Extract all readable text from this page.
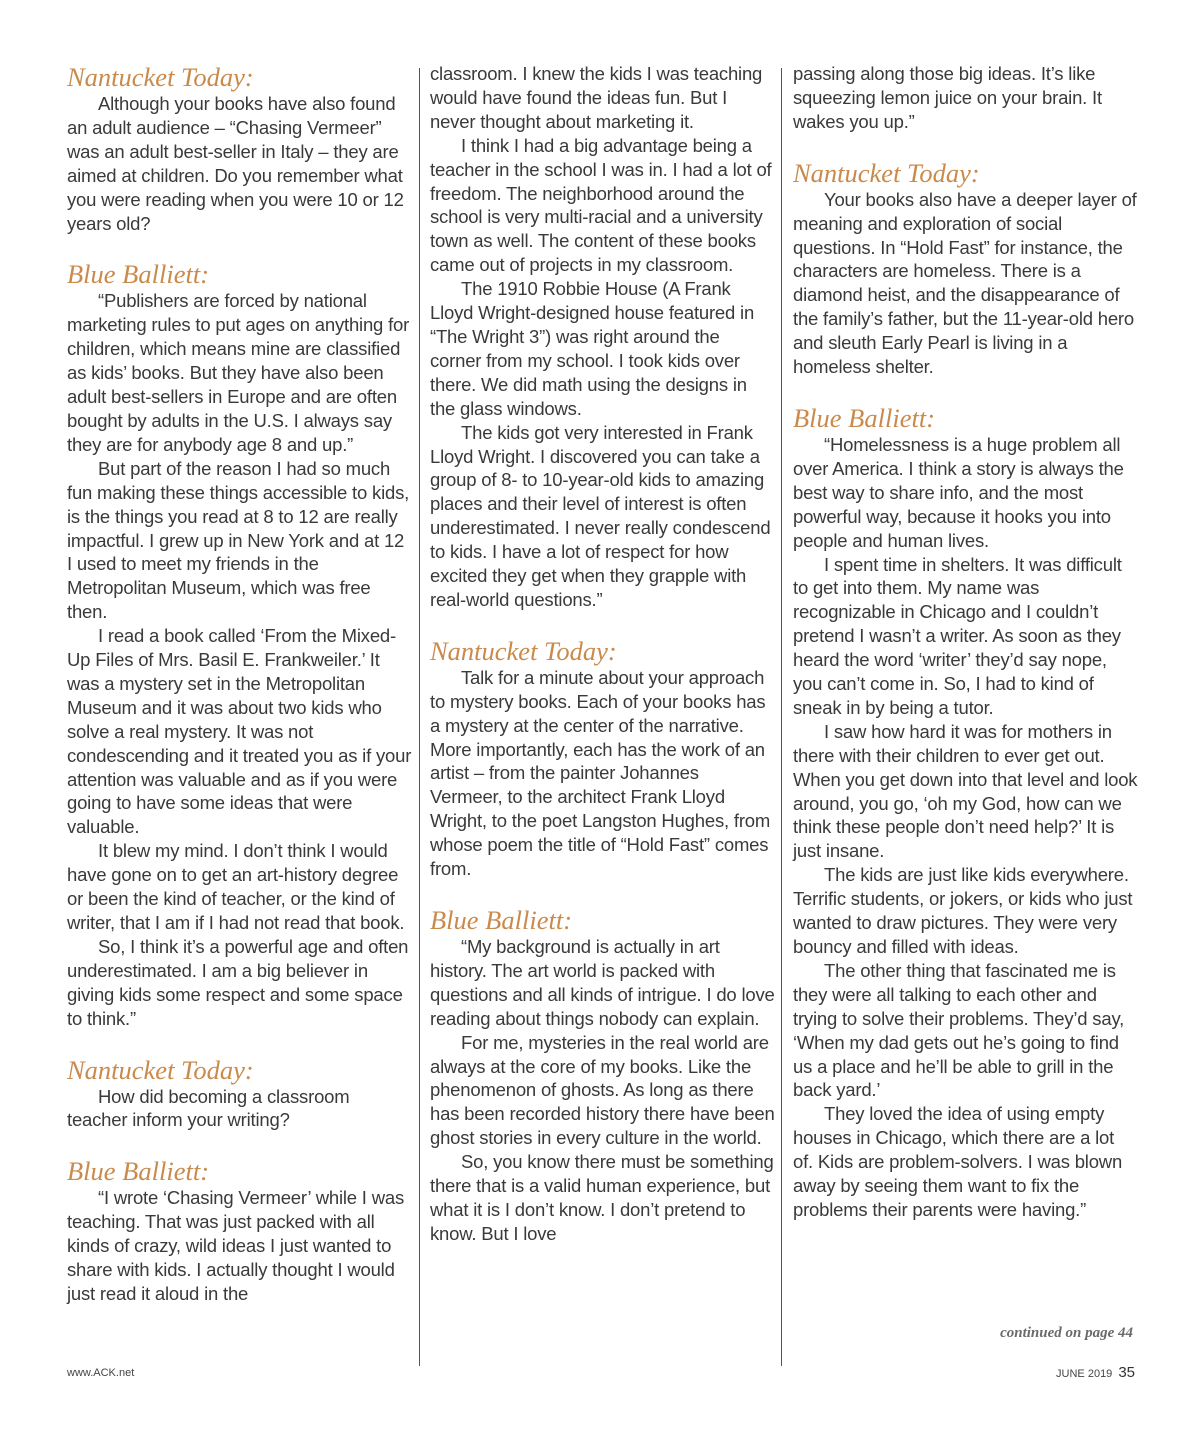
Nantucket Today:

Although your books have also found an adult audience – “Chasing Vermeer” was an adult best-seller in Italy – they are aimed at children. Do you remember what you were reading when you were 10 or 12 years old?

Blue Balliett:

“Publishers are forced by national marketing rules to put ages on anything for children, which means mine are classified as kids’ books. But they have also been adult best-sellers in Europe and are often bought by adults in the U.S. I always say they are for anybody age 8 and up.”

But part of the reason I had so much fun making these things accessible to kids, is the things you read at 8 to 12 are really impactful. I grew up in New York and at 12 I used to meet my friends in the Metropolitan Museum, which was free then.

I read a book called ‘From the Mixed-Up Files of Mrs. Basil E. Frankweiler.’ It was a mystery set in the Metropolitan Museum and it was about two kids who solve a real mystery. It was not condescending and it treated you as if your attention was valuable and as if you were going to have some ideas that were valuable.

It blew my mind. I don’t think I would have gone on to get an art-history degree or been the kind of teacher, or the kind of writer, that I am if I had not read that book.

So, I think it’s a powerful age and often underestimated. I am a big believer in giving kids some respect and some space to think.”

Nantucket Today:

How did becoming a classroom teacher inform your writing?

Blue Balliett:

“I wrote ‘Chasing Vermeer’ while I was teaching. That was just packed with all kinds of crazy, wild ideas I just wanted to share with kids. I actually thought I would just read it aloud in the

classroom. I knew the kids I was teaching would have found the ideas fun. But I never thought about marketing it.

I think I had a big advantage being a teacher in the school I was in. I had a lot of freedom. The neighborhood around the school is very multi-racial and a university town as well. The content of these books came out of projects in my classroom.

The 1910 Robbie House (A Frank Lloyd Wright-designed house featured in “The Wright 3”) was right around the corner from my school. I took kids over there. We did math using the designs in the glass windows.

The kids got very interested in Frank Lloyd Wright. I discovered you can take a group of 8- to 10-year-old kids to amazing places and their level of interest is often underestimated. I never really condescend to kids. I have a lot of respect for how excited they get when they grapple with real-world questions.”

Nantucket Today:

Talk for a minute about your approach to mystery books. Each of your books has a mystery at the center of the narrative. More importantly, each has the work of an artist – from the painter Johannes Vermeer, to the architect Frank Lloyd Wright, to the poet Langston Hughes, from whose poem the title of “Hold Fast” comes from.

Blue Balliett:

“My background is actually in art history. The art world is packed with questions and all kinds of intrigue. I do love reading about things nobody can explain.

For me, mysteries in the real world are always at the core of my books. Like the phenomenon of ghosts. As long as there has been recorded history there have been ghost stories in every culture in the world.

So, you know there must be something there that is a valid human experience, but what it is I don’t know. I don’t pretend to know. But I love

passing along those big ideas. It’s like squeezing lemon juice on your brain. It wakes you up.”

Nantucket Today:

Your books also have a deeper layer of meaning and exploration of social questions. In “Hold Fast” for instance, the characters are homeless. There is a diamond heist, and the disappearance of the family’s father, but the 11-year-old hero and sleuth Early Pearl is living in a homeless shelter.

Blue Balliett:

“Homelessness is a huge problem all over America. I think a story is always the best way to share info, and the most powerful way, because it hooks you into people and human lives.

I spent time in shelters. It was difficult to get into them. My name was recognizable in Chicago and I couldn’t pretend I wasn’t a writer. As soon as they heard the word ‘writer’ they’d say nope, you can’t come in. So, I had to kind of sneak in by being a tutor.

I saw how hard it was for mothers in there with their children to ever get out. When you get down into that level and look around, you go, ‘oh my God, how can we think these people don’t need help?’ It is just insane.

The kids are just like kids everywhere. Terrific students, or jokers, or kids who just wanted to draw pictures. They were very bouncy and filled with ideas.

The other thing that fascinated me is they were all talking to each other and trying to solve their problems. They’d say, ‘When my dad gets out he’s going to find us a place and he’ll be able to grill in the back yard.’

They loved the idea of using empty houses in Chicago, which there are a lot of. Kids are problem-solvers. I was blown away by seeing them want to fix the problems their parents were having.”

continued on page 44
www.ACK.net	JUNE 2019 35
